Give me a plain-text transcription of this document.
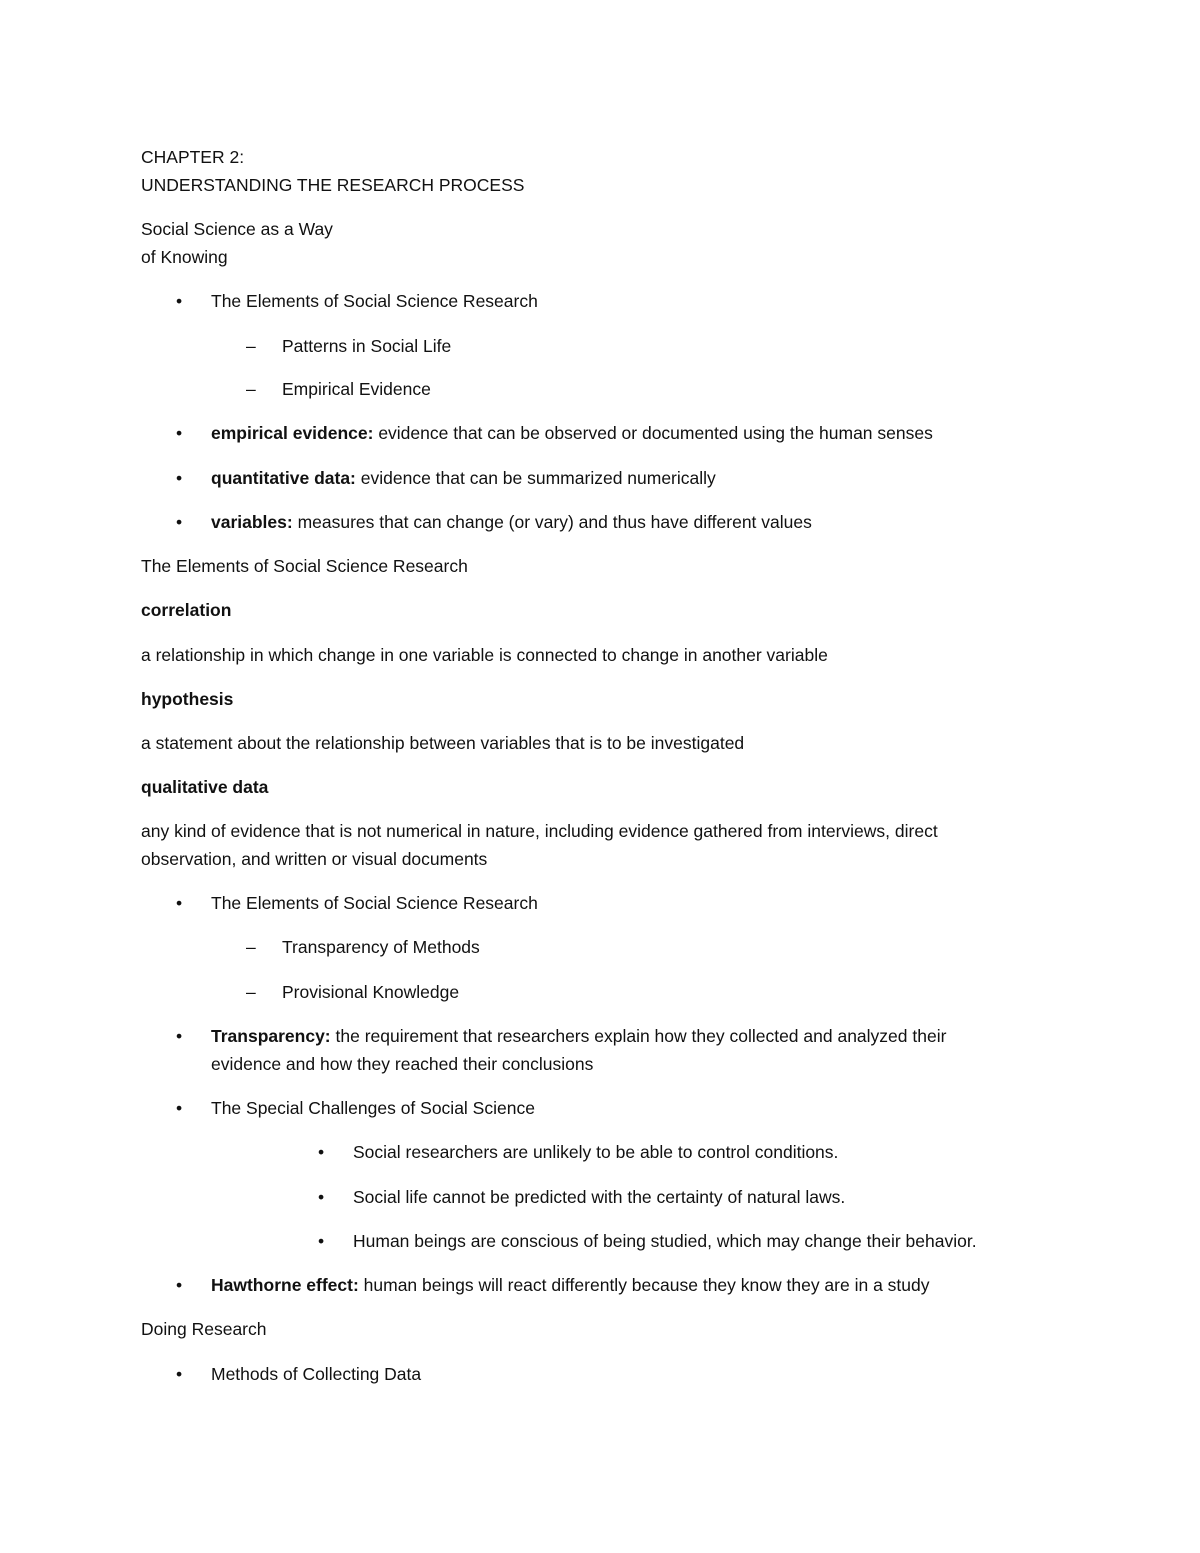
CHAPTER 2:
UNDERSTANDING THE RESEARCH PROCESS
Social Science as a Way
of Knowing
•
The Elements of Social Science Research
–
Patterns in Social Life
–
Empirical Evidence
•
empirical evidence: evidence that can be observed or documented using the human senses
•
quantitative data: evidence that can be summarized numerically
•
variables: measures that can change (or vary) and thus have different values
The Elements of Social Science Research
correlation
a relationship in which change in one variable is connected to change in another variable
hypothesis
a statement about the relationship between variables that is to be investigated
qualitative data
any kind of evidence that is not numerical in nature, including evidence gathered from interviews, direct
observation, and written or visual documents
•
The Elements of Social Science Research
–
Transparency of Methods
–
Provisional Knowledge
•
Transparency: the requirement that researchers explain how they collected and analyzed their
evidence and how they reached their conclusions
•
The Special Challenges of Social Science
•
Social researchers are unlikely to be able to control conditions.
•
Social life cannot be predicted with the certainty of natural laws.
•
Human beings are conscious of being studied, which may change their behavior.
•
Hawthorne effect: human beings will react differently because they know they are in a study
Doing Research
•
Methods of Collecting Data
